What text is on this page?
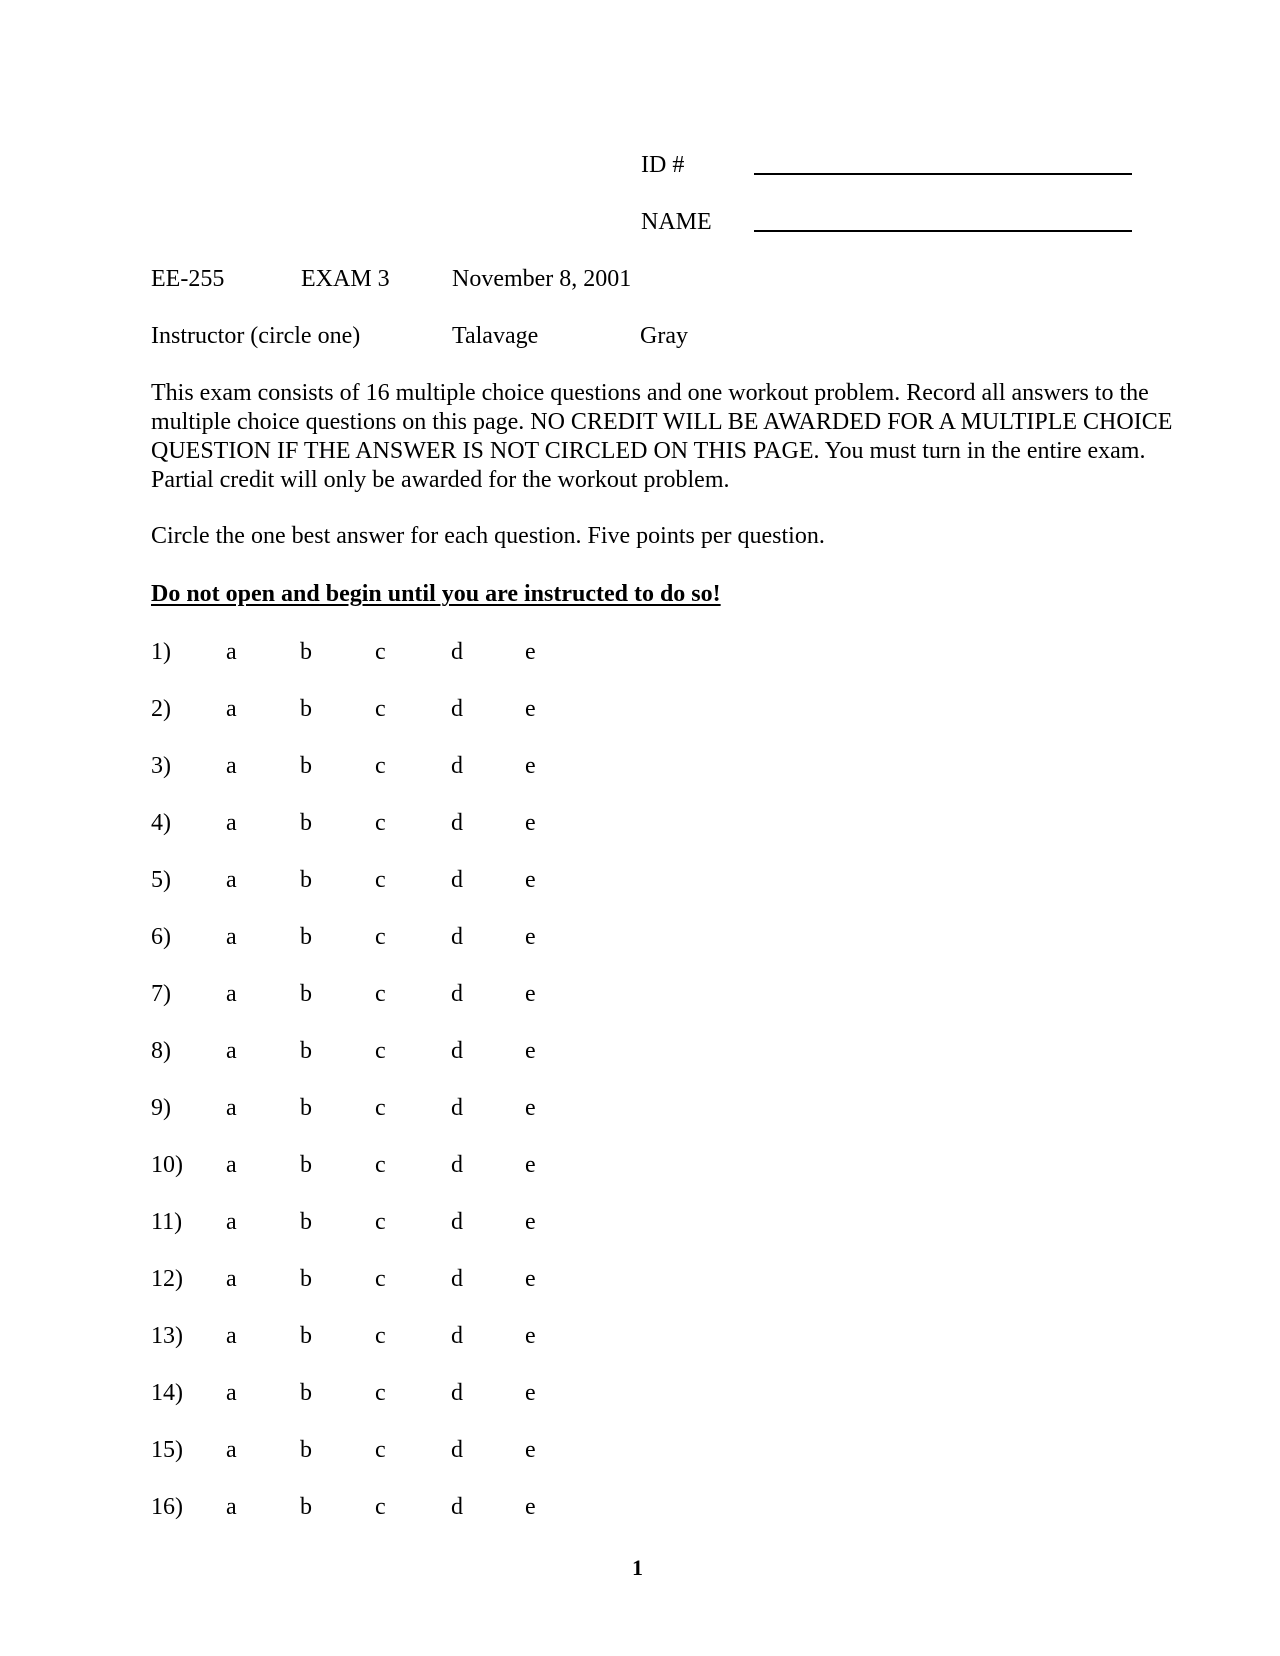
ID #
NAME
EE-255	EXAM 3	November 8, 2001
Instructor (circle one)	Talavage	Gray
This exam consists of 16 multiple choice questions and one workout problem. Record all answers to the multiple choice questions on this page. NO CREDIT WILL BE AWARDED FOR A MULTIPLE CHOICE QUESTION IF THE ANSWER IS NOT CIRCLED ON THIS PAGE. You must turn in the entire exam. Partial credit will only be awarded for the workout problem.
Circle the one best answer for each question. Five points per question.
Do not open and begin until you are instructed to do so!
1) a	b	c	d	e
2) a	b	c	d	e
3) a	b	c	d	e
4) a	b	c	d	e
5) a	b	c	d	e
6) a	b	c	d	e
7) a	b	c	d	e
8) a	b	c	d	e
9) a	b	c	d	e
10) a	b	c	d	e
11) a	b	c	d	e
12) a	b	c	d	e
13) a	b	c	d	e
14) a	b	c	d	e
15) a	b	c	d	e
16) a	b	c	d	e
1
